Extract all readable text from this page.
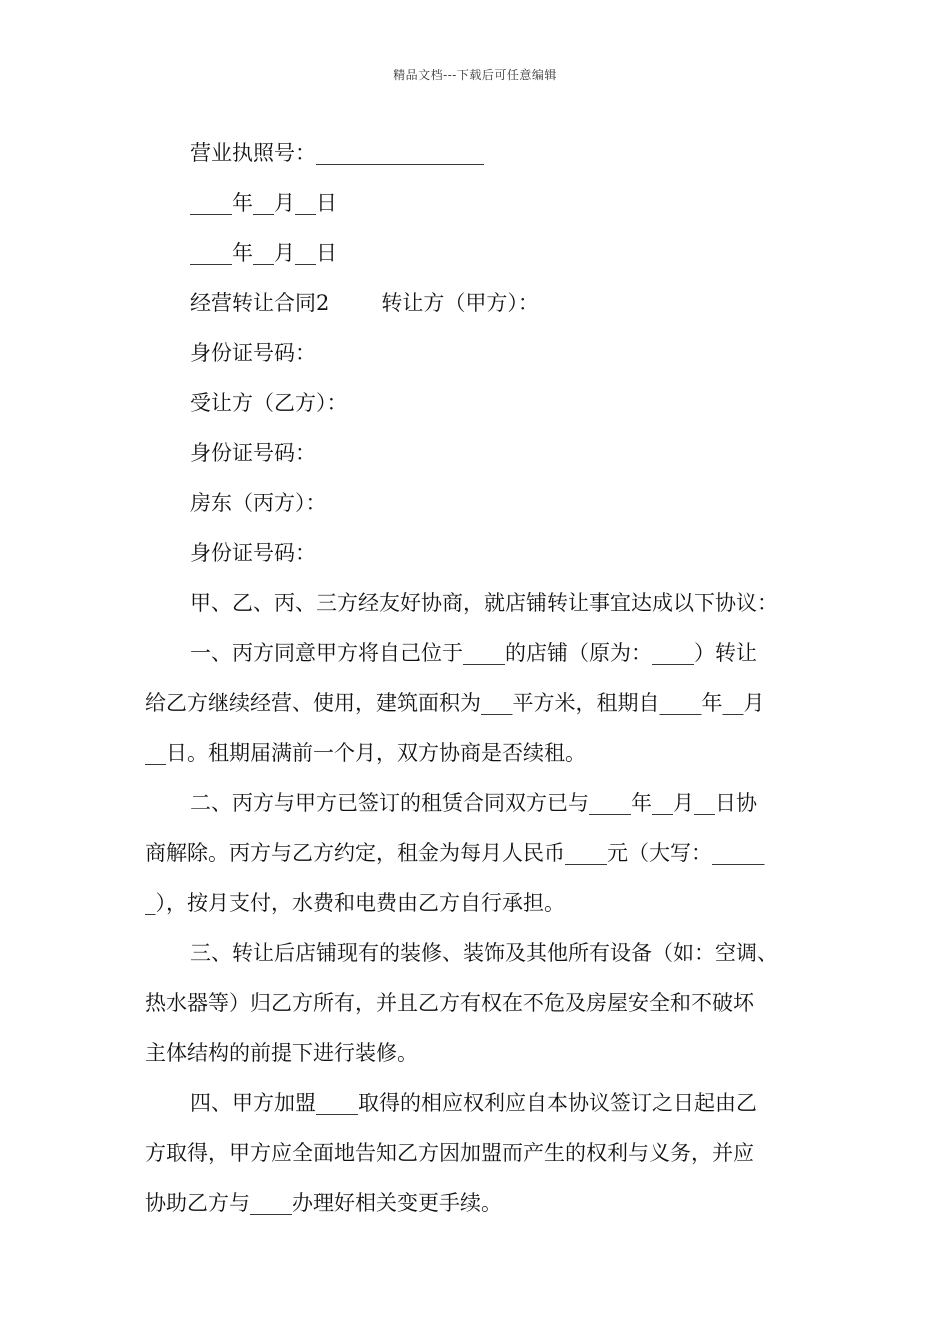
精品文档---下载后可任意编辑
营业执照号：________________
____年__月__日
____年__月__日
经营转让合同2 转让方（甲方）：
身份证号码：
受让方（乙方）：
身份证号码：
房东（丙方）：
身份证号码：
甲、乙、丙、三方经友好协商，就店铺转让事宜达成以下协议：
一、丙方同意甲方将自己位于____的店铺（原为：____）转让
给乙方继续经营、使用，建筑面积为___平方米，租期自____年__月
__日。租期届满前一个月，双方协商是否续租。
二、丙方与甲方已签订的租赁合同双方已与____年__月__日协
商解除。丙方与乙方约定，租金为每月人民币____元（大写：_____
_），按月支付，水费和电费由乙方自行承担。
三、转让后店铺现有的装修、装饰及其他所有设备（如：空调、
热水器等）归乙方所有，并且乙方有权在不危及房屋安全和不破坏
主体结构的前提下进行装修。
四、甲方加盟____取得的相应权利应自本协议签订之日起由乙
方取得，甲方应全面地告知乙方因加盟而产生的权利与义务，并应
协助乙方与____办理好相关变更手续。
